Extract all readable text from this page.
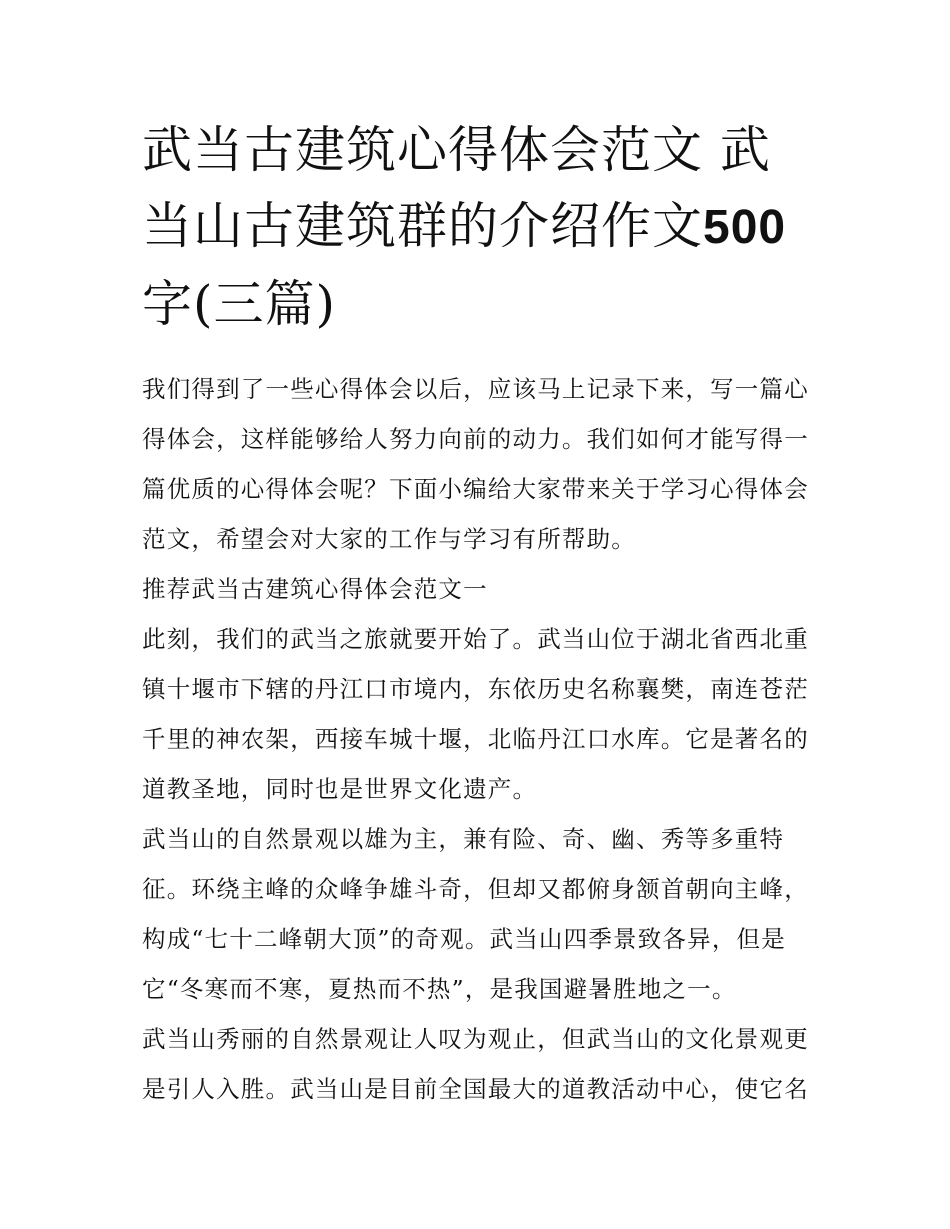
武当古建筑心得体会范文 武当山古建筑群的介绍作文500字(三篇)

我们得到了一些心得体会以后，应该马上记录下来，写一篇心得体会，这样能够给人努力向前的动力。我们如何才能写得一篇优质的心得体会呢？下面小编给大家带来关于学习心得体会范文，希望会对大家的工作与学习有所帮助。

推荐武当古建筑心得体会范文一

此刻，我们的武当之旅就要开始了。武当山位于湖北省西北重镇十堰市下辖的丹江口市境内，东依历史名称襄樊，南连苍茫千里的神农架，西接车城十堰，北临丹江口水库。它是著名的道教圣地，同时也是世界文化遗产。

武当山的自然景观以雄为主，兼有险、奇、幽、秀等多重特征。环绕主峰的众峰争雄斗奇，但却又都俯身颔首朝向主峰，构成“七十二峰朝大顶”的奇观。武当山四季景致各异，但是它“冬寒而不寒，夏热而不热”，是我国避暑胜地之一。

武当山秀丽的自然景观让人叹为观止，但武当山的文化景观更是引人入胜。武当山是目前全国最大的道教活动中心，使它名
